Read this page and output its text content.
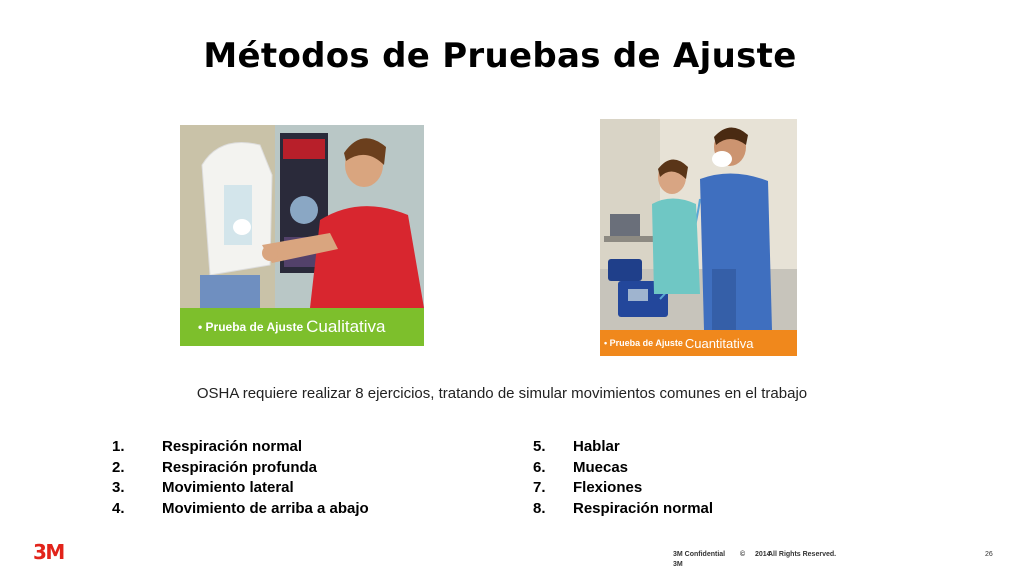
Métodos de Pruebas de Ajuste
• Prueba de Ajuste Cualitativa
• Prueba de Ajuste Cuantitativa
OSHA requiere realizar 8 ejercicios, tratando de simular movimientos comunes en el trabajo
1.	Respiración normal
2.	Respiración profunda
3.	Movimiento lateral
4.	Movimiento de arriba a abajo
5.	Hablar
6.	Muecas
7.	Flexiones
8.	Respiración normal
3M	3M Confidential © 2014
All Rights Reserved.
3M
26
